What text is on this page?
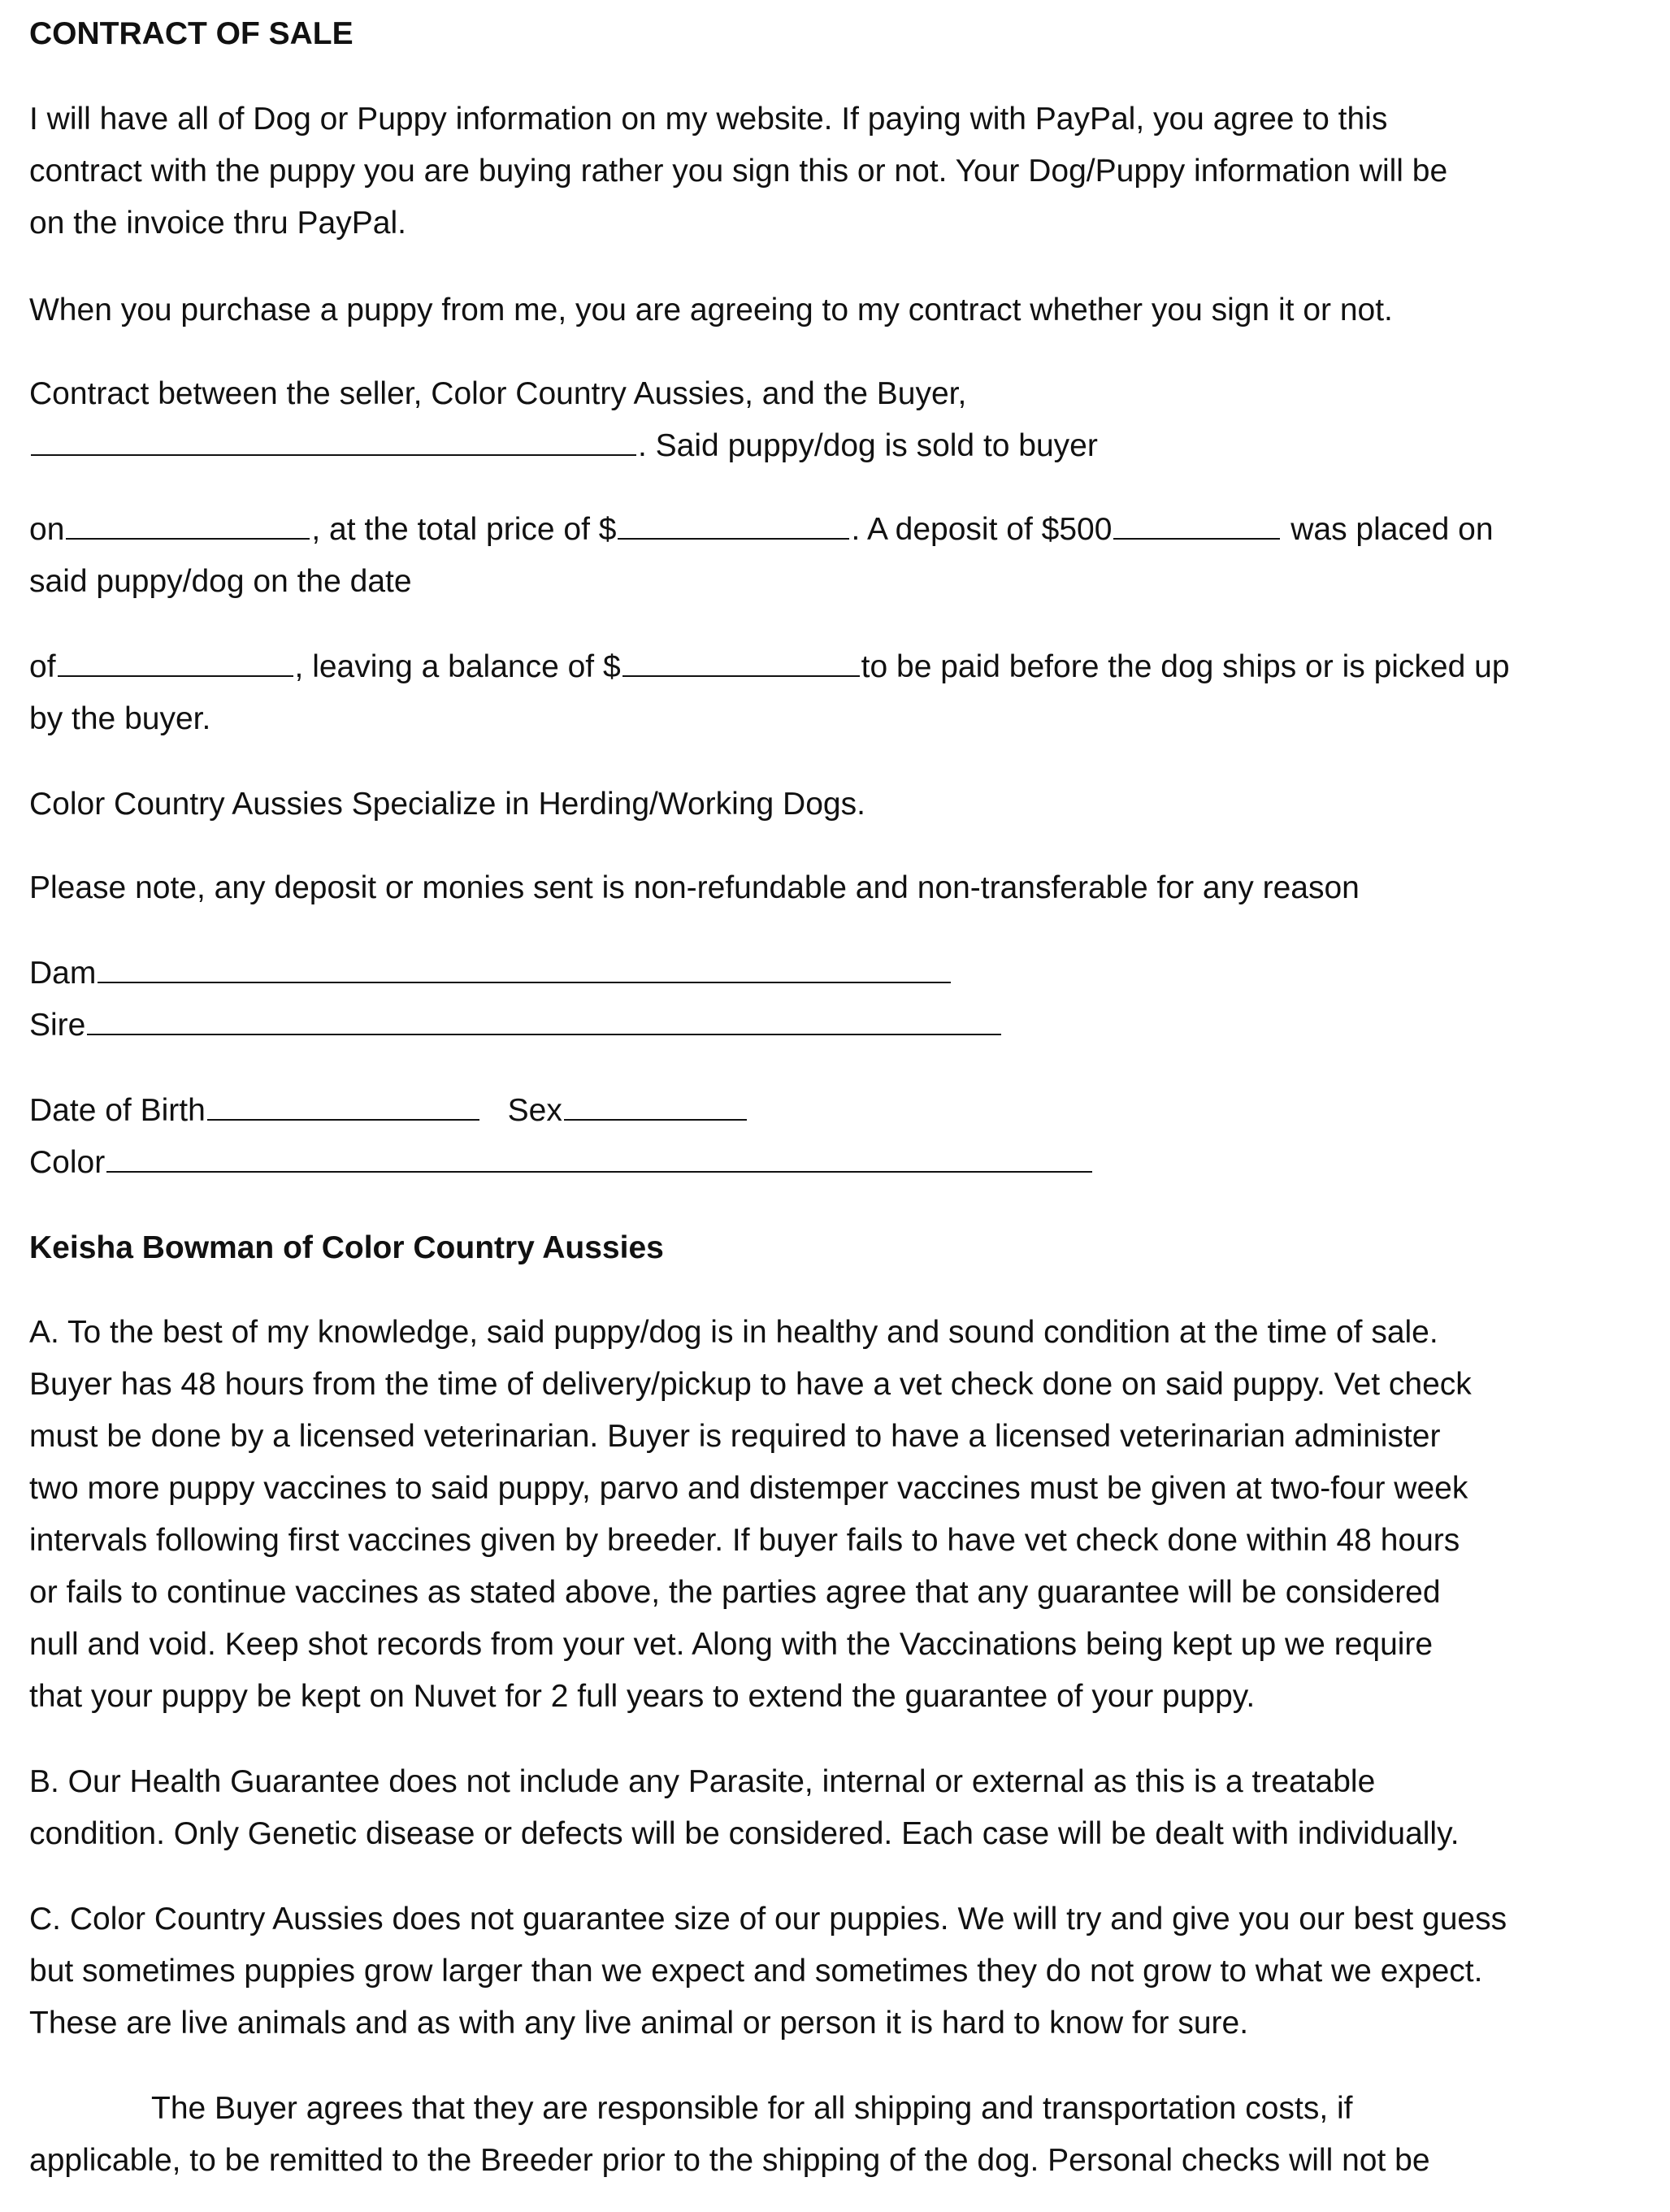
CONTRACT OF SALE

I will have all of Dog or Puppy information on my website. If paying with PayPal, you agree to this

contract with the puppy you are buying rather you sign this or not. Your Dog/Puppy information will be

on the invoice thru PayPal.

When you purchase a puppy from me, you are agreeing to my contract whether you sign it or not.

Contract between the seller, Color Country Aussies, and the Buyer,

. Said puppy/dog is sold to buyer

on	, at the total price of $	. A deposit of $500	was placed on

said puppy/dog on the date

of	, leaving a balance of $	to be paid before the dog ships or is picked up

by the buyer.

Color Country Aussies Specialize in Herding/Working Dogs.

Please note, any deposit or monies sent is non-refundable and non-transferable for any reason

Dam

Sire

Date of Birth	Sex

Color

Keisha Bowman of Color Country Aussies

A. To the best of my knowledge, said puppy/dog is in healthy and sound condition at the time of sale.

Buyer has 48 hours from the time of delivery/pickup to have a vet check done on said puppy. Vet check

must be done by a licensed veterinarian. Buyer is required to have a licensed veterinarian administer

two more puppy vaccines to said puppy, parvo and distemper vaccines must be given at two-four week

intervals following first vaccines given by breeder. If buyer fails to have vet check done within 48 hours

or fails to continue vaccines as stated above, the parties agree that any guarantee will be considered

null and void. Keep shot records from your vet. Along with the Vaccinations being kept up we require

that your puppy be kept on Nuvet for 2 full years to extend the guarantee of your puppy.

B. Our Health Guarantee does not include any Parasite, internal or external as this is a treatable

condition. Only Genetic disease or defects will be considered. Each case will be dealt with individually.

C. Color Country Aussies does not guarantee size of our puppies. We will try and give you our best guess

but sometimes puppies grow larger than we expect and sometimes they do not grow to what we expect.

These are live animals and as with any live animal or person it is hard to know for sure.

The Buyer agrees that they are responsible for all shipping and transportation costs, if

applicable, to be remitted to the Breeder prior to the shipping of the dog. Personal checks will not be
